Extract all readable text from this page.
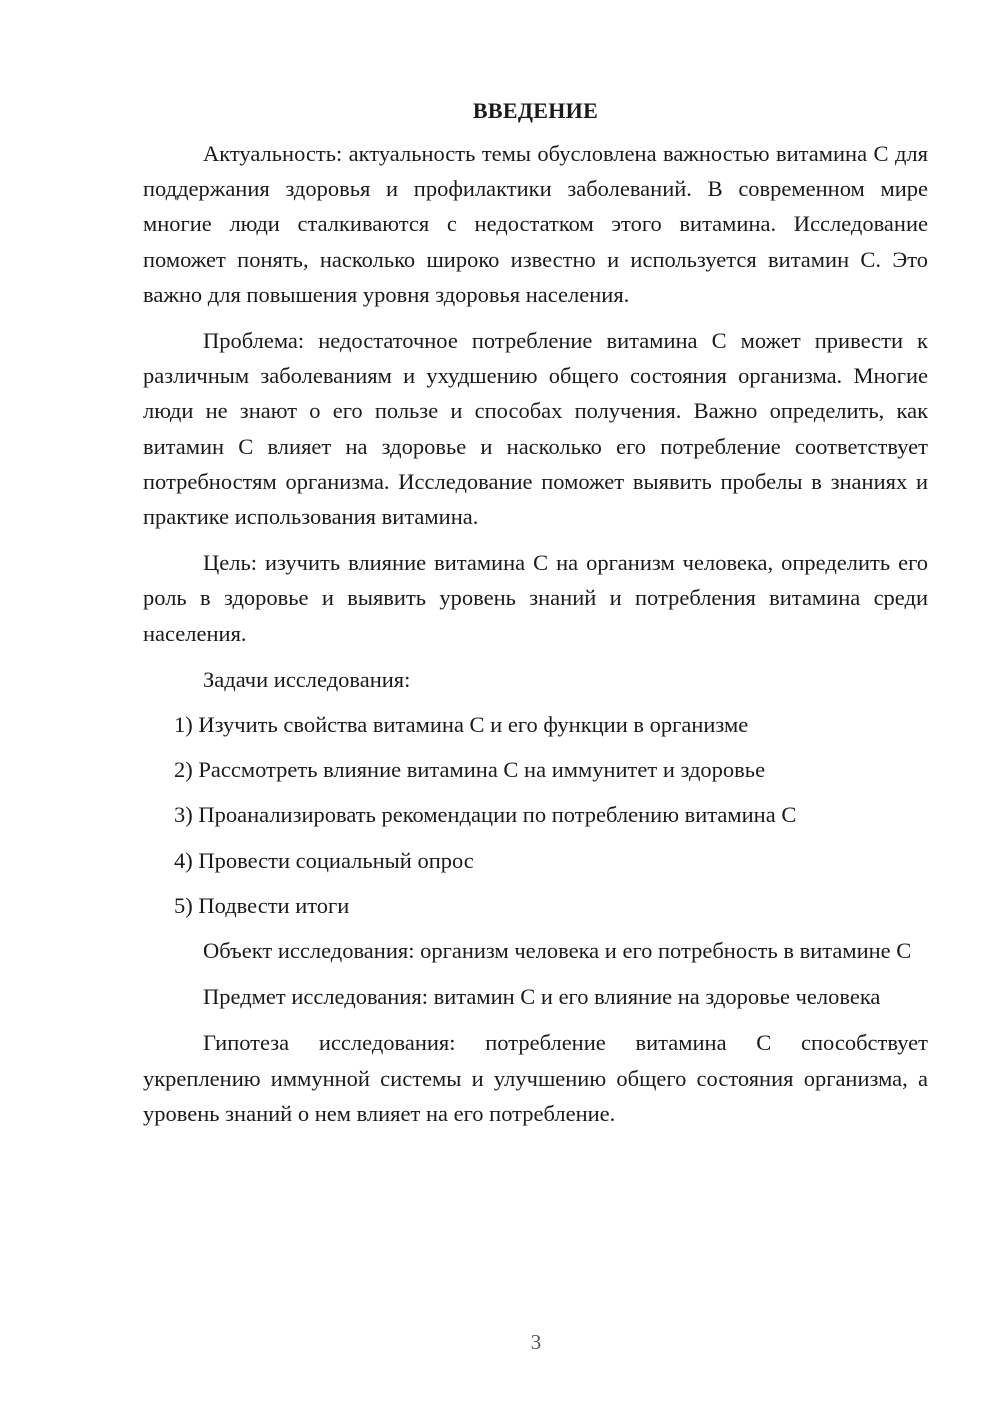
ВВЕДЕНИЕ

Актуальность: актуальность темы обусловлена важностью витамина С для поддержания здоровья и профилактики заболеваний. В современном мире многие люди сталкиваются с недостатком этого витамина. Исследование поможет понять, насколько широко известно и используется витамин С. Это важно для повышения уровня здоровья населения.

Проблема: недостаточное потребление витамина С может привести к различным заболеваниям и ухудшению общего состояния организма. Многие люди не знают о его пользе и способах получения. Важно определить, как витамин С влияет на здоровье и насколько его потребление соответствует потребностям организма. Исследование поможет выявить пробелы в знаниях и практике использования витамина.

Цель: изучить влияние витамина С на организм человека, определить его роль в здоровье и выявить уровень знаний и потребления витамина среди населения.

Задачи исследования:

1) Изучить свойства витамина С и его функции в организме
2) Рассмотреть влияние витамина С на иммунитет и здоровье
3) Проанализировать рекомендации по потреблению витамина С
4) Провести социальный опрос
5) Подвести итоги

Объект исследования: организм человека и его потребность в витамине С

Предмет исследования: витамин С и его влияние на здоровье человека

Гипотеза исследования: потребление витамина С способствует укреплению иммунной системы и улучшению общего состояния организма, а уровень знаний о нем влияет на его потребление.

3
